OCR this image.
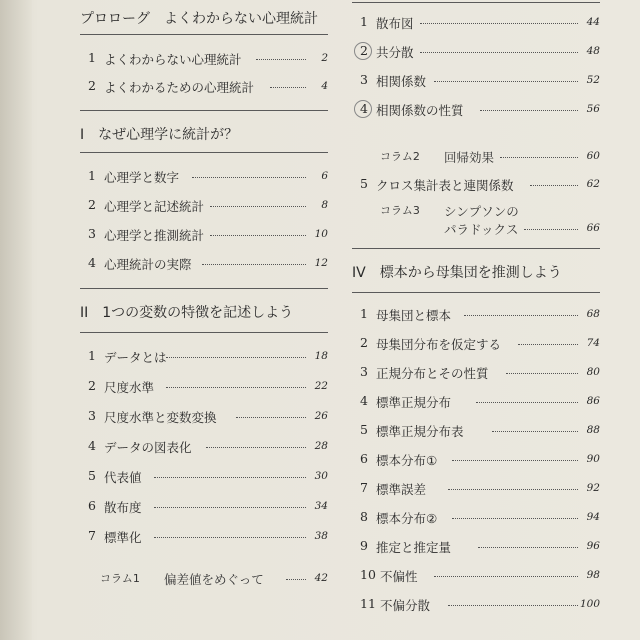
プロローグ　よくわからない心理統計
1 よくわからない心理統計	2
2 よくわかるための心理統計	4
I　なぜ心理学に統計が？
1 心理学と数字	6
2 心理学と記述統計	8
3 心理学と推測統計	10
4 心理統計の実際	12
II　1つの変数の特徴を記述しよう
1 データとは	18
2 尺度水準	22
3 尺度水準と変数変換	26
4 データの図表化	28
5 代表値	30
6 散布度	34
7 標準化	38
コラム1 偏差値をめぐって	42
1 散布図	44
2 共分散	48
3 相関係数	52
4 相関係数の性質	56
コラム2 回帰効果	60
5 クロス集計表と連関係数	62
コラム3 シンプソンの
パラドックス	66
IV　標本から母集団を推測しよう
1 母集団と標本	68
2 母集団分布を仮定する	74
3 正規分布とその性質	80
4 標準正規分布	86
5 標準正規分布表	88
6 標本分布①	90
7 標準誤差	92
8 標本分布②	94
9 推定と推定量	96
10 不偏性	98
11 不偏分散	100
